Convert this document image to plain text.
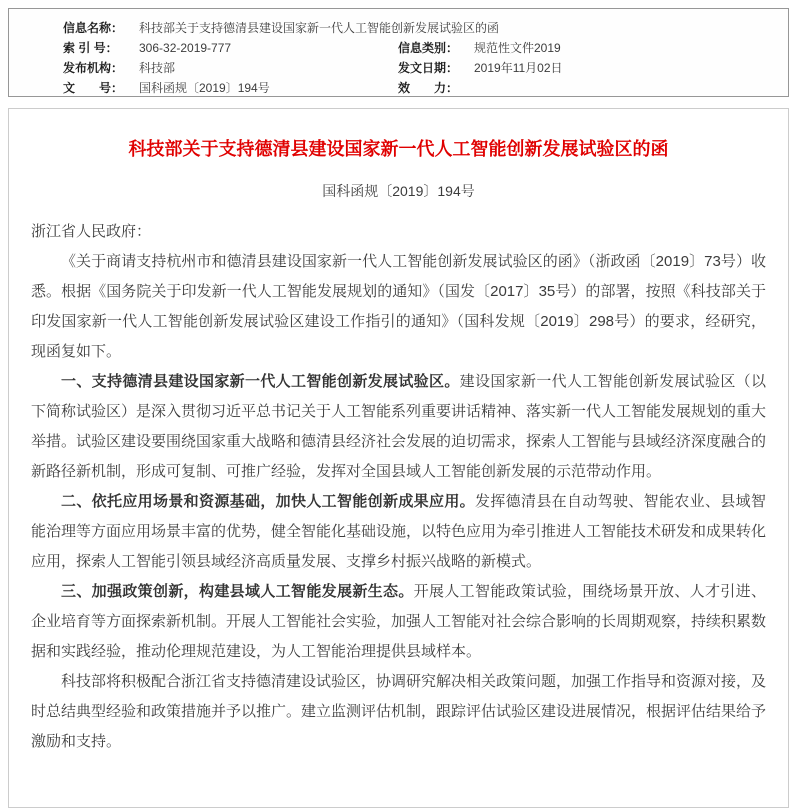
信息名称：	科技部关于支持德清县建设国家新一代人工智能创新发展试验区的函
索 引 号：	306-32-2019-777	信息类别：	规范性文件2019
发布机构：	科技部	发文日期：	2019年11月02日
文　　号：	国科函规〔2019〕194号	效　　力：
科技部关于支持德清县建设国家新一代人工智能创新发展试验区的函
国科函规〔2019〕194号

浙江省人民政府：

《关于商请支持杭州市和德清县建设国家新一代人工智能创新发展试验区的函》（浙政函〔2019〕73号）收悉。根据《国务院关于印发新一代人工智能发展规划的通知》（国发〔2017〕35号）的部署，按照《科技部关于印发国家新一代人工智能创新发展试验区建设工作指引的通知》（国科发规〔2019〕298号）的要求，经研究，现函复如下。

一、支持德清县建设国家新一代人工智能创新发展试验区。建设国家新一代人工智能创新发展试验区（以下简称试验区）是深入贯彻习近平总书记关于人工智能系列重要讲话精神、落实新一代人工智能发展规划的重大举措。试验区建设要围绕国家重大战略和德清县经济社会发展的迫切需求，探索人工智能与县域经济深度融合的新路径新机制，形成可复制、可推广经验，发挥对全国县域人工智能创新发展的示范带动作用。

二、依托应用场景和资源基础，加快人工智能创新成果应用。发挥德清县在自动驾驶、智能农业、县域智能治理等方面应用场景丰富的优势，健全智能化基础设施，以特色应用为牵引推进人工智能技术研发和成果转化应用，探索人工智能引领县域经济高质量发展、支撑乡村振兴战略的新模式。

三、加强政策创新，构建县域人工智能发展新生态。开展人工智能政策试验，围绕场景开放、人才引进、企业培育等方面探索新机制。开展人工智能社会实验，加强人工智能对社会综合影响的长周期观察，持续积累数据和实践经验，推动伦理规范建设，为人工智能治理提供县域样本。

科技部将积极配合浙江省支持德清建设试验区，协调研究解决相关政策问题，加强工作指导和资源对接，及时总结典型经验和政策措施并予以推广。建立监测评估机制，跟踪评估试验区建设进展情况，根据评估结果给予激励和支持。
